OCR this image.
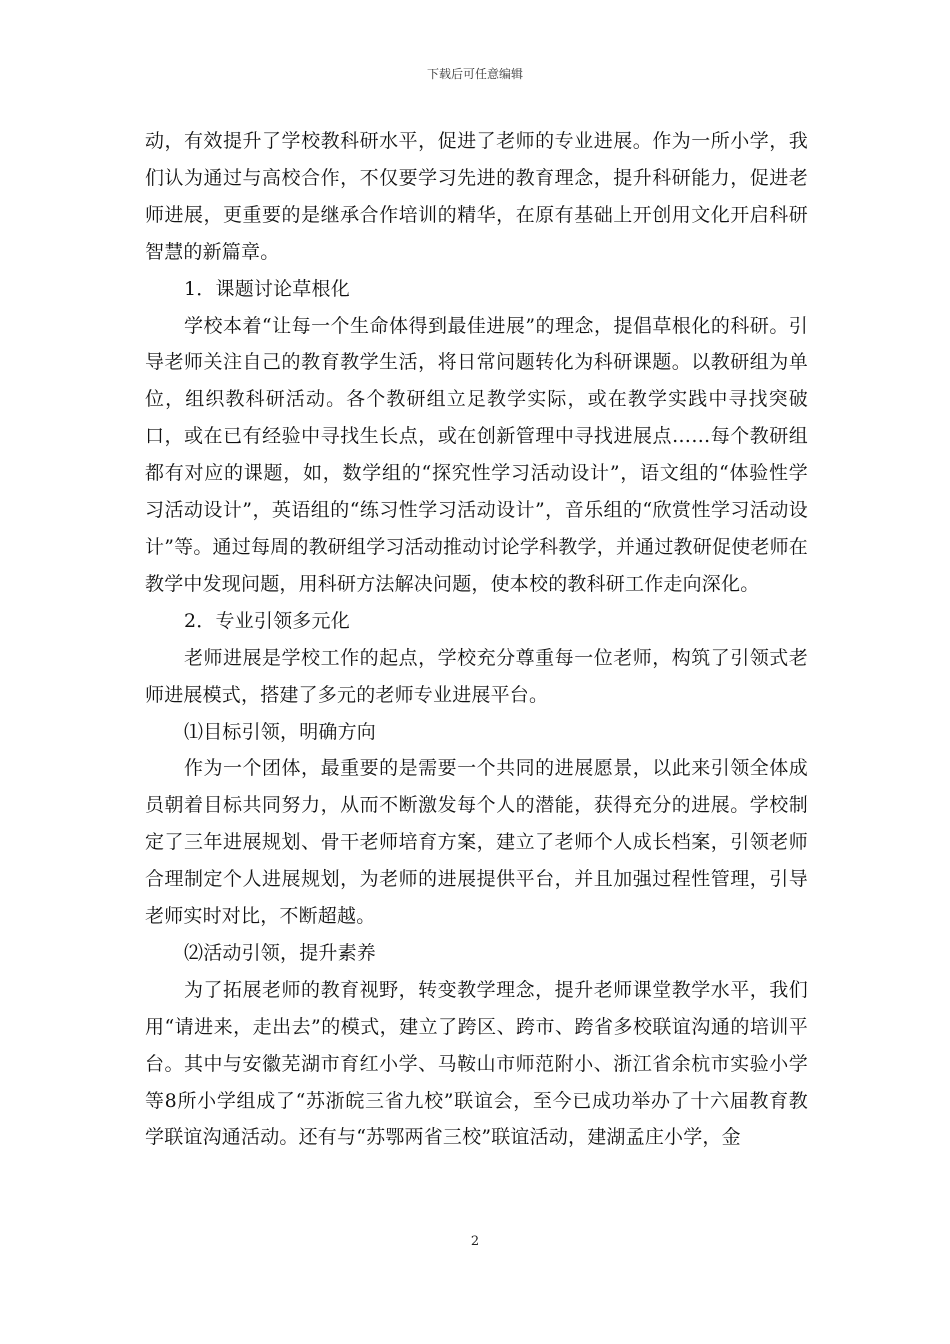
下载后可任意编辑

动，有效提升了学校教科研水平，促进了老师的专业进展。作为一所小学，我们认为通过与高校合作，不仅要学习先进的教育理念，提升科研能力，促进老师进展，更重要的是继承合作培训的精华，在原有基础上开创用文化开启科研智慧的新篇章。

1．课题讨论草根化

学校本着“让每一个生命体得到最佳进展”的理念，提倡草根化的科研。引导老师关注自己的教育教学生活，将日常问题转化为科研课题。以教研组为单位，组织教科研活动。各个教研组立足教学实际，或在教学实践中寻找突破口，或在已有经验中寻找生长点，或在创新管理中寻找进展点……每个教研组都有对应的课题，如，数学组的“探究性学习活动设计”，语文组的“体验性学习活动设计”，英语组的“练习性学习活动设计”，音乐组的“欣赏性学习活动设计”等。通过每周的教研组学习活动推动讨论学科教学，并通过教研促使老师在教学中发现问题，用科研方法解决问题，使本校的教科研工作走向深化。

2．专业引领多元化

老师进展是学校工作的起点，学校充分尊重每一位老师，构筑了引领式老师进展模式，搭建了多元的老师专业进展平台。

⑴目标引领，明确方向

作为一个团体，最重要的是需要一个共同的进展愿景，以此来引领全体成员朝着目标共同努力，从而不断激发每个人的潜能，获得充分的进展。学校制定了三年进展规划、骨干老师培育方案，建立了老师个人成长档案，引领老师合理制定个人进展规划，为老师的进展提供平台，并且加强过程性管理，引导老师实时对比，不断超越。

⑵活动引领，提升素养

为了拓展老师的教育视野，转变教学理念，提升老师课堂教学水平，我们用“请进来，走出去”的模式，建立了跨区、跨市、跨省多校联谊沟通的培训平台。其中与安徽芜湖市育红小学、马鞍山市师范附小、浙江省余杭市实验小学等8所小学组成了“苏浙皖三省九校”联谊会，至今已成功举办了十六届教育教学联谊沟通活动。还有与“苏鄂两省三校”联谊活动，建湖孟庄小学，金

2
